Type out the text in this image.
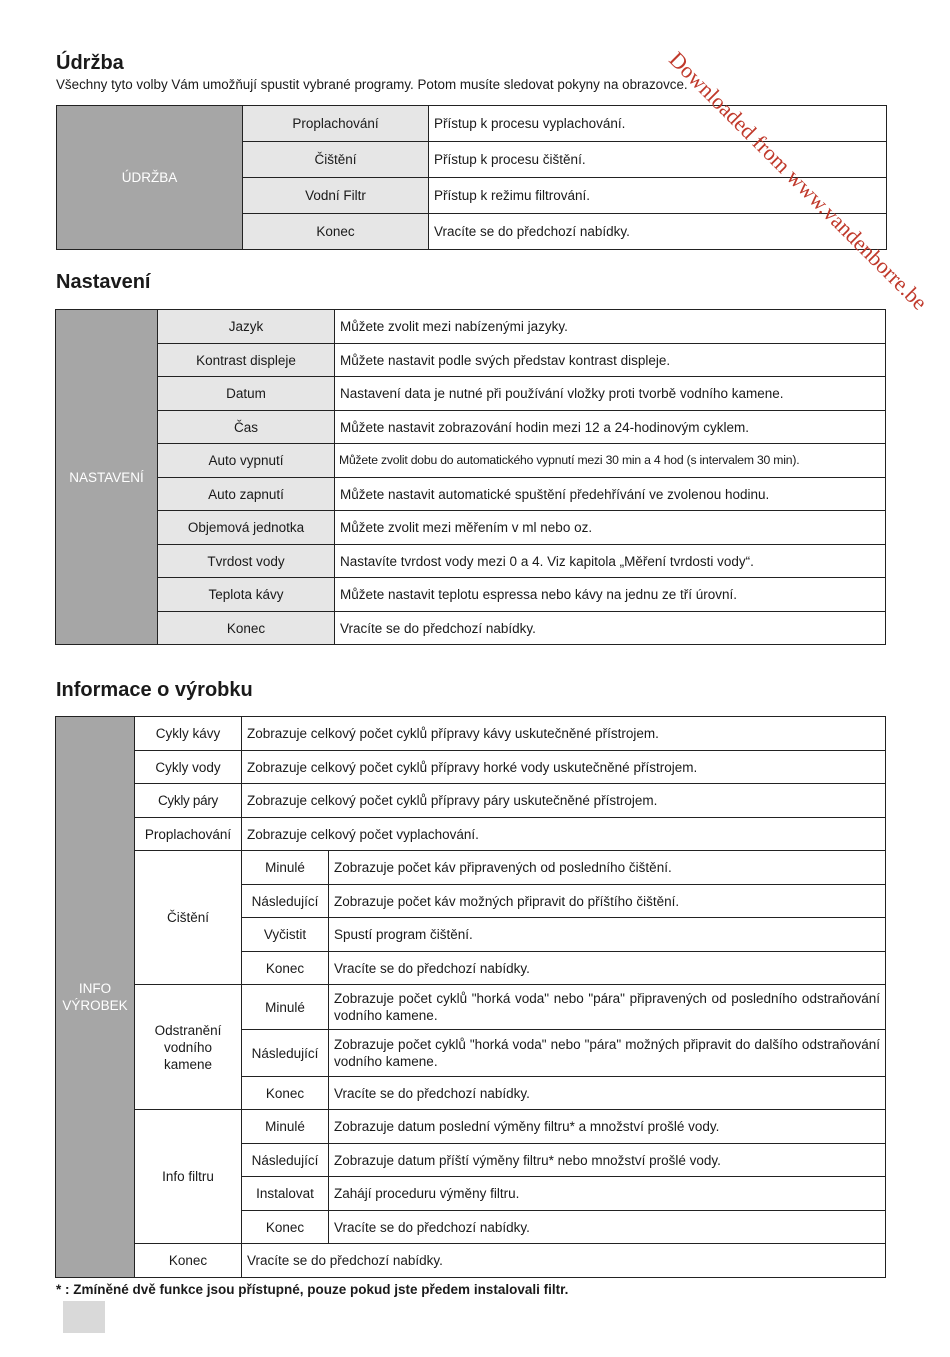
Údržba
Všechny tyto volby Vám umožňují spustit vybrané programy. Potom musíte sledovat pokyny na obrazovce.
ÚDRŽBA	Proplachování	Přístup k procesu vyplachování.
	Čištění	Přístup k procesu čištění.
	Vodní Filtr	Přístup k režimu filtrování.
	Konec	Vracíte se do předchozí nabídky.
Nastavení
NASTAVENÍ	Jazyk	Můžete zvolit mezi nabízenými jazyky.
	Kontrast displeje	Můžete nastavit podle svých představ kontrast displeje.
	Datum	Nastavení data je nutné při používání vložky proti tvorbě vodního kamene.
	Čas	Můžete nastavit zobrazování hodin mezi 12 a 24-hodinovým cyklem.
	Auto vypnutí	Můžete zvolit dobu do automatického vypnutí mezi 30 min a 4 hod (s intervalem 30 min).
	Auto zapnutí	Můžete nastavit automatické spuštění předehřívání ve zvolenou hodinu.
	Objemová jednotka	Můžete zvolit mezi měřením v ml nebo oz.
	Tvrdost vody	Nastavíte tvrdost vody mezi 0 a 4. Viz kapitola „Měření tvrdosti vody“.
	Teplota kávy	Můžete nastavit teplotu espressa nebo kávy na jednu ze tří úrovní.
	Konec	Vracíte se do předchozí nabídky.
Informace o výrobku
INFO
VÝROBEK	Cykly kávy	Zobrazuje celkový počet cyklů přípravy kávy uskutečněné přístrojem.	
	Cykly vody	Zobrazuje celkový počet cyklů přípravy horké vody uskutečněné přístrojem.	
	Cykly páry	Zobrazuje celkový počet cyklů přípravy páry uskutečněné přístrojem.	
	Proplachování	Zobrazuje celkový počet vyplachování.	
	Čištění	Minulé	Zobrazuje počet káv připravených od posledního čištění.
		Následující	Zobrazuje počet káv možných připravit do příštího čištění.
		Vyčistit	Spustí program čištění.
		Konec	Vracíte se do předchozí nabídky.
	Odstranění vodního kamene	Minulé	Zobrazuje počet cyklů "horká voda" nebo "pára" připravených od posledního odstraňování vodního kamene.
		Následující	Zobrazuje počet cyklů "horká voda" nebo "pára" možných připravit do dalšího odstraňování vodního kamene.
		Konec	Vracíte se do předchozí nabídky.
	Info filtru	Minulé	Zobrazuje datum poslední výměny filtru* a množství prošlé vody.
		Následující	Zobrazuje datum příští výměny filtru* nebo množství prošlé vody.
		Instalovat	Zahájí proceduru výměny filtru.
		Konec	Vracíte se do předchozí nabídky.
	Konec	Vracíte se do předchozí nabídky.	
* : Zmíněné dvě funkce jsou přístupné, pouze pokud jste předem instalovali filtr.
Downloaded from www.vandenborre.be
